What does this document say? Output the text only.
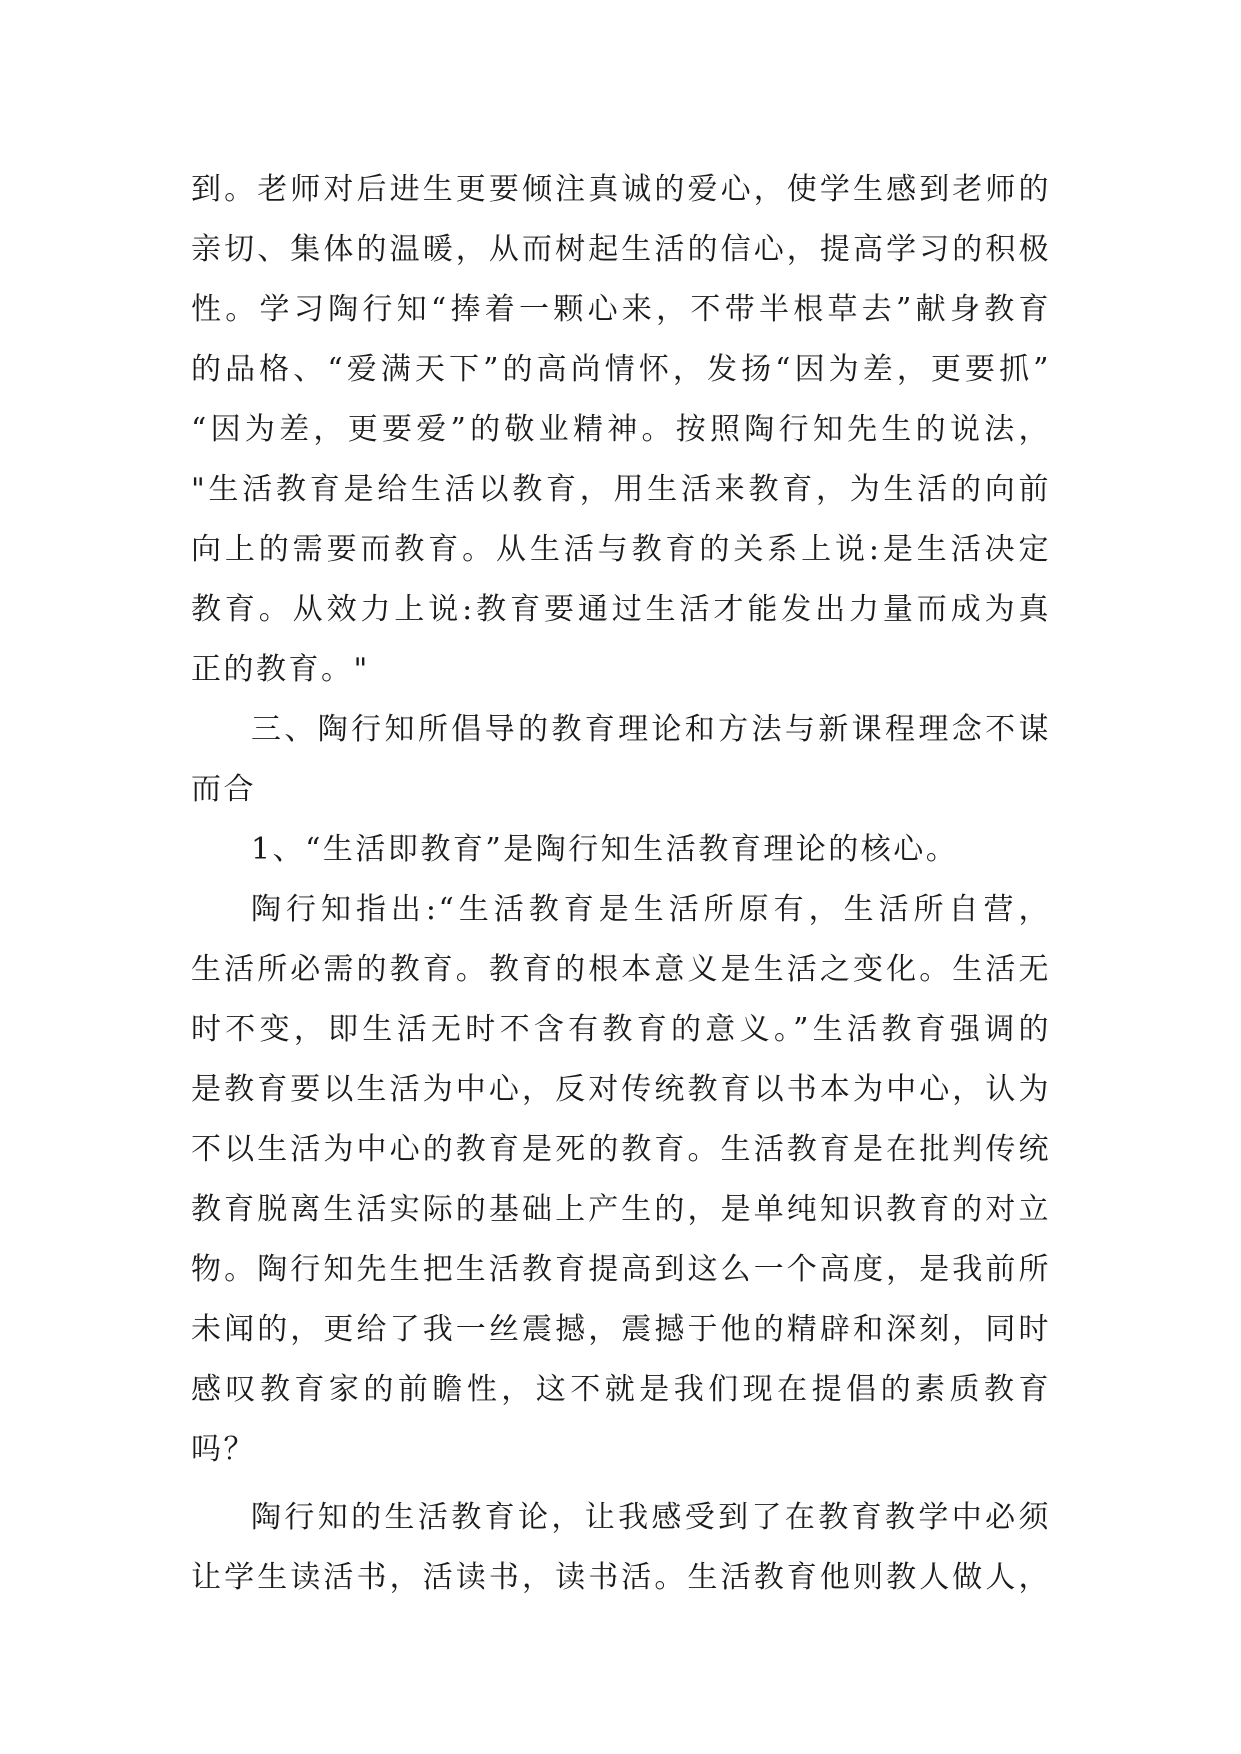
到。老师对后进生更要倾注真诚的爱心，使学生感到老师的
亲切、集体的温暖，从而树起生活的信心，提高学习的积极
性。学习陶行知“捧着一颗心来，不带半根草去”献身教育
的品格、“爱满天下”的高尚情怀，发扬“因为差，更要抓”
“因为差，更要爱”的敬业精神。按照陶行知先生的说法，
"生活教育是给生活以教育，用生活来教育，为生活的向前
向上的需要而教育。从生活与教育的关系上说:是生活决定
教育。从效力上说:教育要通过生活才能发出力量而成为真
正的教育。"
三、陶行知所倡导的教育理论和方法与新课程理念不谋
而合
1、“生活即教育”是陶行知生活教育理论的核心。
陶行知指出:“生活教育是生活所原有，生活所自营，
生活所必需的教育。教育的根本意义是生活之变化。生活无
时不变，即生活无时不含有教育的意义。”生活教育强调的
是教育要以生活为中心，反对传统教育以书本为中心，认为
不以生活为中心的教育是死的教育。生活教育是在批判传统
教育脱离生活实际的基础上产生的，是单纯知识教育的对立
物。陶行知先生把生活教育提高到这么一个高度，是我前所
未闻的，更给了我一丝震撼，震撼于他的精辟和深刻，同时
感叹教育家的前瞻性，这不就是我们现在提倡的素质教育
吗？
陶行知的生活教育论，让我感受到了在教育教学中必须
让学生读活书，活读书，读书活。生活教育他则教人做人，
